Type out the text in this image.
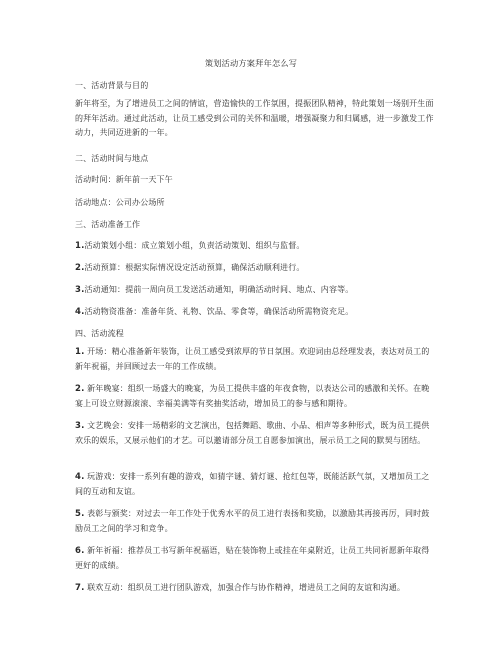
策划活动方案拜年怎么写
一、活动背景与目的
新年将至，为了增进员工之间的情谊，营造愉快的工作氛围，提振团队精神，特此策划一场别开生面的拜年活动。通过此活动，让员工感受到公司的关怀和温暖，增强凝聚力和归属感，进一步激发工作动力，共同迈进新的一年。
二、活动时间与地点
活动时间：新年前一天下午
活动地点：公司办公场所
三、活动准备工作
1.活动策划小组：成立策划小组，负责活动策划、组织与监督。
2.活动预算：根据实际情况设定活动预算，确保活动顺利进行。
3.活动通知：提前一周向员工发送活动通知，明确活动时间、地点、内容等。
4.活动物资准备：准备年货、礼物、饮品、零食等，确保活动所需物资充足。
四、活动流程
1. 开场：精心准备新年装饰，让员工感受到浓厚的节日氛围。欢迎词由总经理发表，表达对员工的新年祝福，并回顾过去一年的工作成绩。
2. 新年晚宴：组织一场盛大的晚宴，为员工提供丰盛的年夜食物，以表达公司的感激和关怀。在晚宴上可设立财源滚滚、幸福美满等有奖抽奖活动，增加员工的参与感和期待。
3. 文艺晚会：安排一场精彩的文艺演出，包括舞蹈、歌曲、小品、相声等多种形式，既为员工提供欢乐的娱乐，又展示他们的才艺。可以邀请部分员工自愿参加演出，展示员工之间的默契与团结。
4. 玩游戏：安排一系列有趣的游戏，如猜字谜、猜灯谜、抢红包等，既能活跃气氛，又增加员工之间的互动和友谊。
5. 表彰与颁奖：对过去一年工作处于优秀水平的员工进行表扬和奖励，以激励其再接再厉，同时鼓励员工之间的学习和竞争。
6. 新年祈福：推荐员工书写新年祝福语，贴在装饰物上或挂在年桌附近，让员工共同祈愿新年取得更好的成绩。
7. 联欢互动：组织员工进行团队游戏，加强合作与协作精神，增进员工之间的友谊和沟通。
